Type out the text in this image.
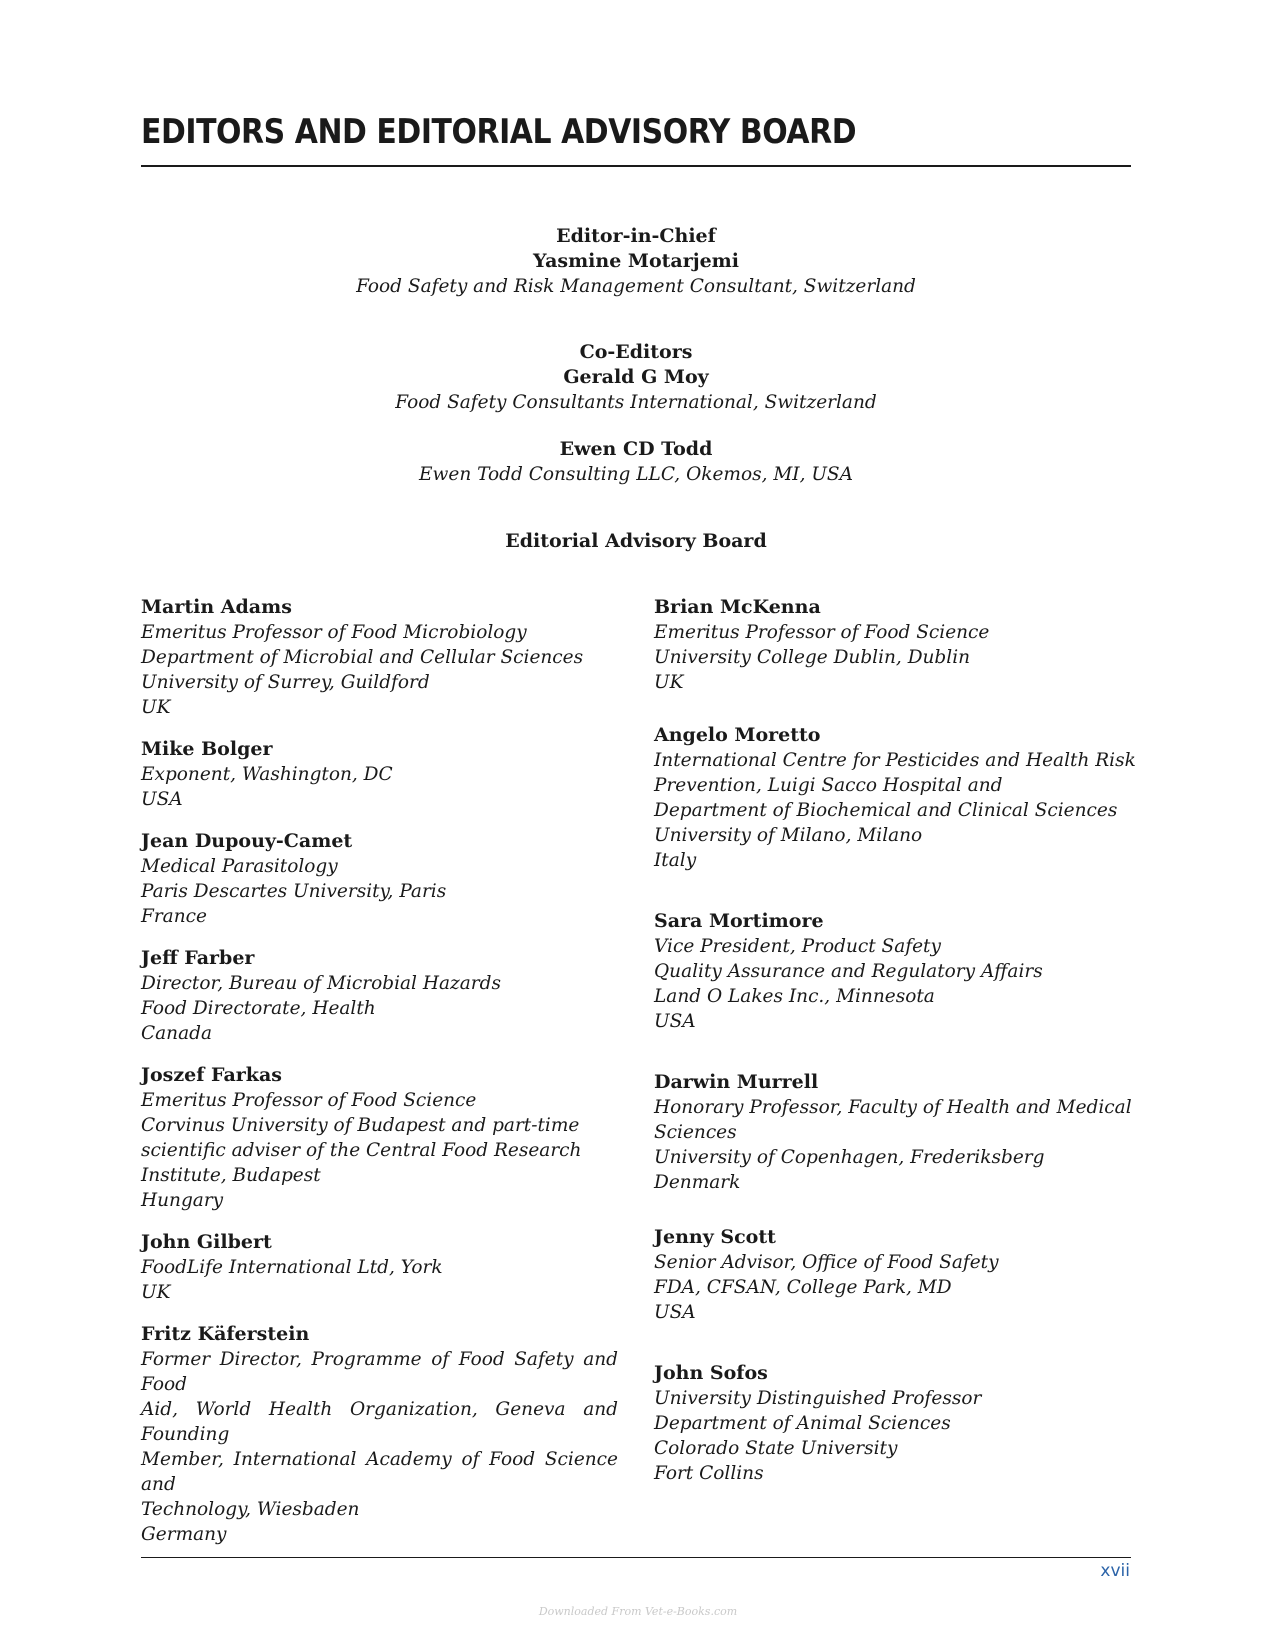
EDITORS AND EDITORIAL ADVISORY BOARD
Editor-in-Chief
Yasmine Motarjemi
Food Safety and Risk Management Consultant, Switzerland
Co-Editors
Gerald G Moy
Food Safety Consultants International, Switzerland
Ewen CD Todd
Ewen Todd Consulting LLC, Okemos, MI, USA
Editorial Advisory Board
Martin Adams
Emeritus Professor of Food Microbiology
Department of Microbial and Cellular Sciences
University of Surrey, Guildford
UK
Mike Bolger
Exponent, Washington, DC
USA
Jean Dupouy-Camet
Medical Parasitology
Paris Descartes University, Paris
France
Jeff Farber
Director, Bureau of Microbial Hazards
Food Directorate, Health
Canada
Joszef Farkas
Emeritus Professor of Food Science
Corvinus University of Budapest and part-time
scientific adviser of the Central Food Research
Institute, Budapest
Hungary
John Gilbert
FoodLife International Ltd, York
UK
Fritz Käferstein
Former Director, Programme of Food Safety and Food
Aid, World Health Organization, Geneva and Founding
Member, International Academy of Food Science and
Technology, Wiesbaden
Germany
Brian McKenna
Emeritus Professor of Food Science
University College Dublin, Dublin
UK
Angelo Moretto
International Centre for Pesticides and Health Risk
Prevention, Luigi Sacco Hospital and
Department of Biochemical and Clinical Sciences
University of Milano, Milano
Italy
Sara Mortimore
Vice President, Product Safety
Quality Assurance and Regulatory Affairs
Land O Lakes Inc., Minnesota
USA
Darwin Murrell
Honorary Professor, Faculty of Health and Medical
Sciences
University of Copenhagen, Frederiksberg
Denmark
Jenny Scott
Senior Advisor, Office of Food Safety
FDA, CFSAN, College Park, MD
USA
John Sofos
University Distinguished Professor
Department of Animal Sciences
Colorado State University
Fort Collins
xvii
Downloaded From Vet-e-Books.com
